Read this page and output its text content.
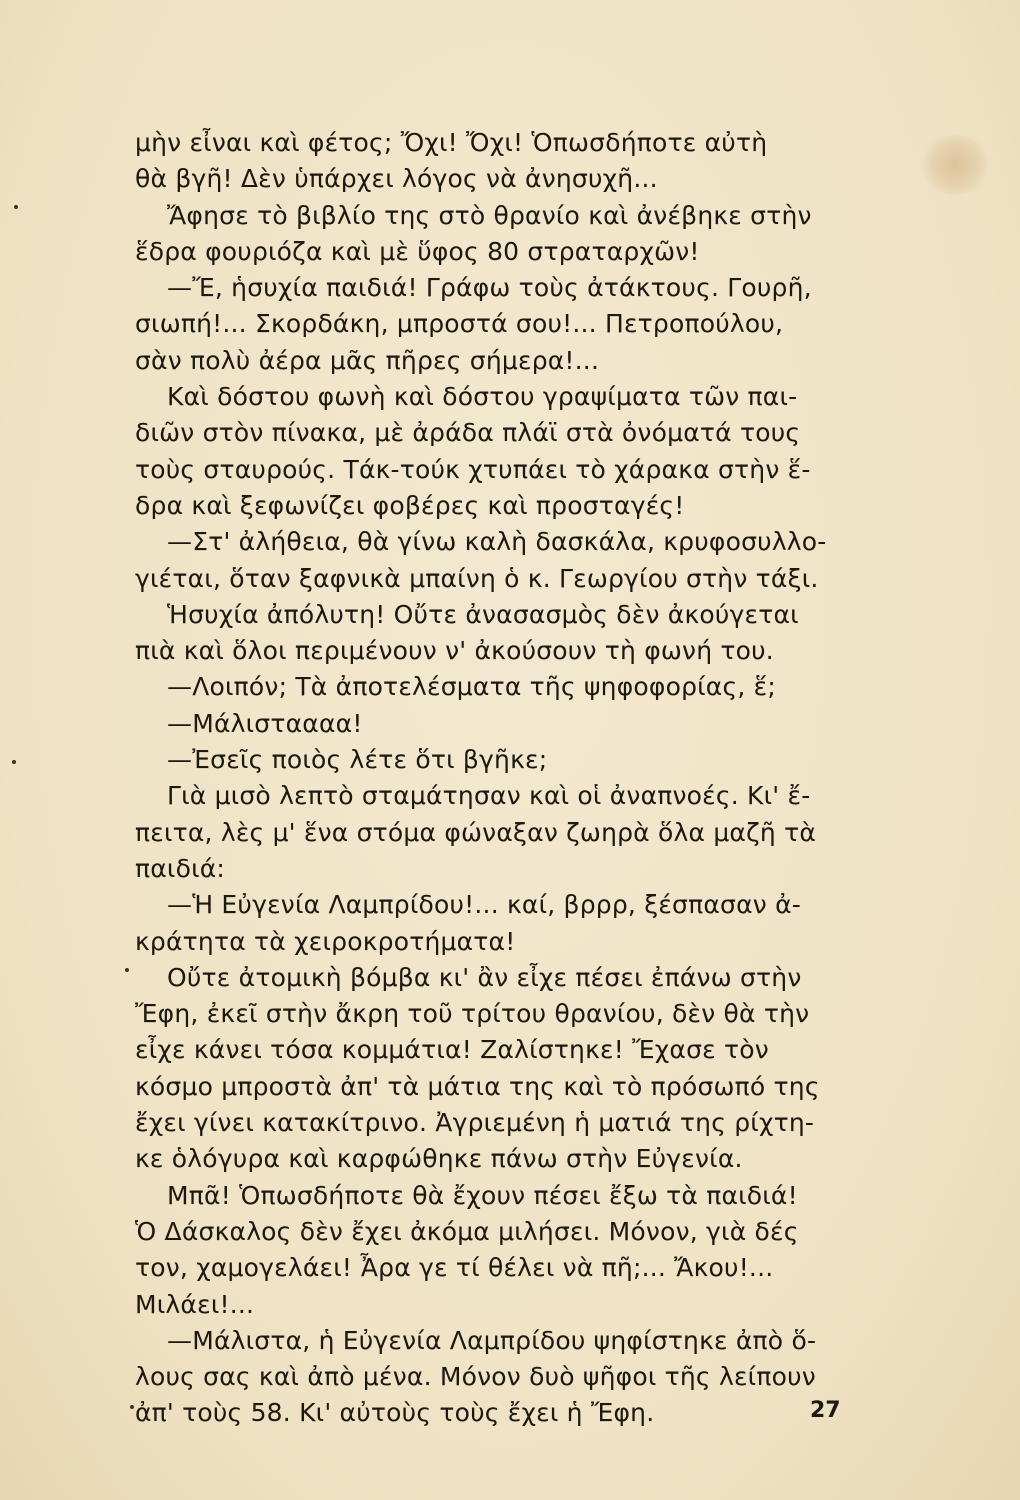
μὴν εἶναι καὶ φέτος; Ὄχι! Ὄχι! Ὁπωσδήποτε αὐτὴ
θὰ βγῆ! Δὲν ὑπάρχει λόγος νὰ ἀνησυχῆ...
Ἄφησε τὸ βιβλίο της στὸ θρανίο καὶ ἀνέβηκε στὴν
ἕδρα φουριόζα καὶ μὲ ὕφος 80 στραταρχῶν!
—Ἔ, ἡσυχία παιδιά! Γράφω τοὺς ἀτάκτους. Γουρῆ,
σιωπή!... Σκορδάκη, μπροστά σου!... Πετροπούλου,
σὰν πολὺ ἀέρα μᾶς πῆρες σήμερα!...
Καὶ δόστου φωνὴ καὶ δόστου γραψίματα τῶν παι-
διῶν στὸν πίνακα, μὲ ἀράδα πλάϊ στὰ ὀνόματά τους
τοὺς σταυρούς. Τάκ-τούκ χτυπάει τὸ χάρακα στὴν ἕ-
δρα καὶ ξεφωνίζει φοβέρες καὶ προσταγές!
—Στ' ἀλήθεια, θὰ γίνω καλὴ δασκάλα, κρυφοσυλλο-
γιέται, ὅταν ξαφνικὰ μπαίνη ὁ κ. Γεωργίου στὴν τάξι.
Ἡσυχία ἀπόλυτη! Οὔτε ἀνασασμὸς δὲν ἀκούγεται
πιὰ καὶ ὅλοι περιμένουν ν' ἀκούσουν τὴ φωνή του.
—Λοιπόν; Τὰ ἀποτελέσματα τῆς ψηφοφορίας, ἕ;
—Μάλισταααα!
—Ἐσεῖς ποιὸς λέτε ὅτι βγῆκε;
Γιὰ μισὸ λεπτὸ σταμάτησαν καὶ οἱ ἀναπνοές. Κι' ἔ-
πειτα, λὲς μ' ἕνα στόμα φώναξαν ζωηρὰ ὅλα μαζῆ τὰ
παιδιά:
—Ἡ Εὐγενία Λαμπρίδου!... καί, βρρρ, ξέσπασαν ἀ-
κράτητα τὰ χειροκροτήματα!
Οὔτε ἀτομικὴ βόμβα κι' ἂν εἶχε πέσει ἐπάνω στὴν
Ἔφη, ἐκεῖ στὴν ἄκρη τοῦ τρίτου θρανίου, δὲν θὰ τὴν
εἶχε κάνει τόσα κομμάτια! Ζαλίστηκε! Ἔχασε τὸν
κόσμο μπροστὰ ἀπ' τὰ μάτια της καὶ τὸ πρόσωπό της
ἔχει γίνει κατακίτρινο. Ἀγριεμένη ἡ ματιά της ρίχτη-
κε ὁλόγυρα καὶ καρφώθηκε πάνω στὴν Εὐγενία.
Μπᾶ! Ὁπωσδήποτε θὰ ἔχουν πέσει ἔξω τὰ παιδιά!
Ὁ Δάσκαλος δὲν ἔχει ἀκόμα μιλήσει. Μόνον, γιὰ δές
τον, χαμογελάει! Ἆρα γε τί θέλει νὰ πῆ;... Ἄκου!...
Μιλάει!...
—Μάλιστα, ἡ Εὐγενία Λαμπρίδου ψηφίστηκε ἀπὸ ὅ-
λους σας καὶ ἀπὸ μένα. Μόνον δυὸ ψῆφοι τῆς λείπουν
ἀπ' τοὺς 58. Κι' αὐτοὺς τοὺς ἔχει ἡ Ἔφη.	27
